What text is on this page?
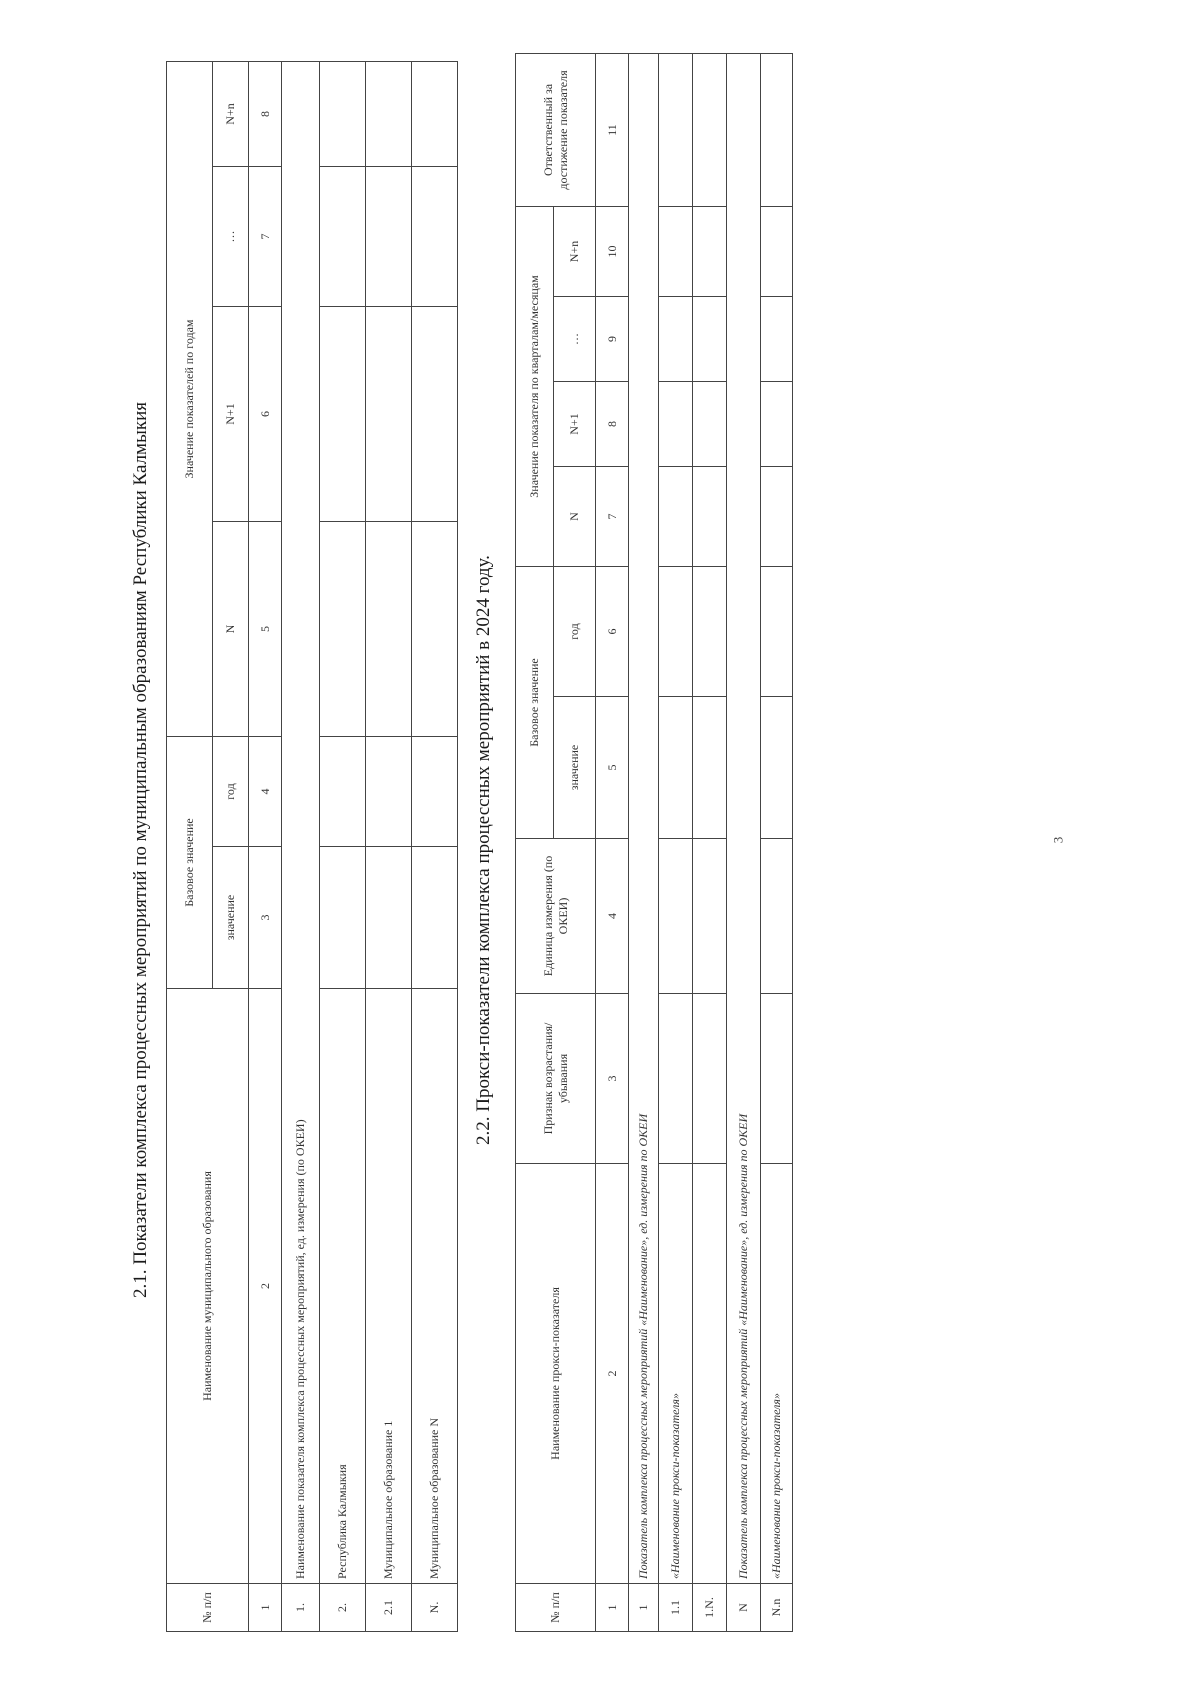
2.1. Показатели комплекса процессных мероприятий по муниципальным образованиям Республики Калмыкия
№ п/п	Наименование муниципального образования	Базовое значение		Значение показателей по годам			
		значение	год	N	N+1	…	N+n
1	2	3	4	5	6	7	8
1.	Наименование показателя комплекса процессных мероприятий, ед. измерения (по ОКЕИ)						
2.	Республика Калмыкия						
2.1	Муниципальное образование 1						
N.	Муниципальное образование N						
2.2. Прокси-показатели комплекса процессных мероприятий в 2024 году.
№ п/п	Наименование прокси-показателя	Признак возрастания/ убывания	Единица измерения (по ОКЕИ)	Базовое значение		Значение показателя по кварталам/месяцам				Ответственный за достижение показателя
				значение	год	N	N+1	…	N+n	
1	2	3	4	5	6	7	8	9	10	11
1	Показатель комплекса процессных мероприятий «Наименование», ед. измерения по ОКЕИ									
1.1	«Наименование прокси-показателя»									
1.N.										
N	Показатель комплекса процессных мероприятий «Наименование», ед. измерения по ОКЕИ									
N.n	«Наименование прокси-показателя»									
3
